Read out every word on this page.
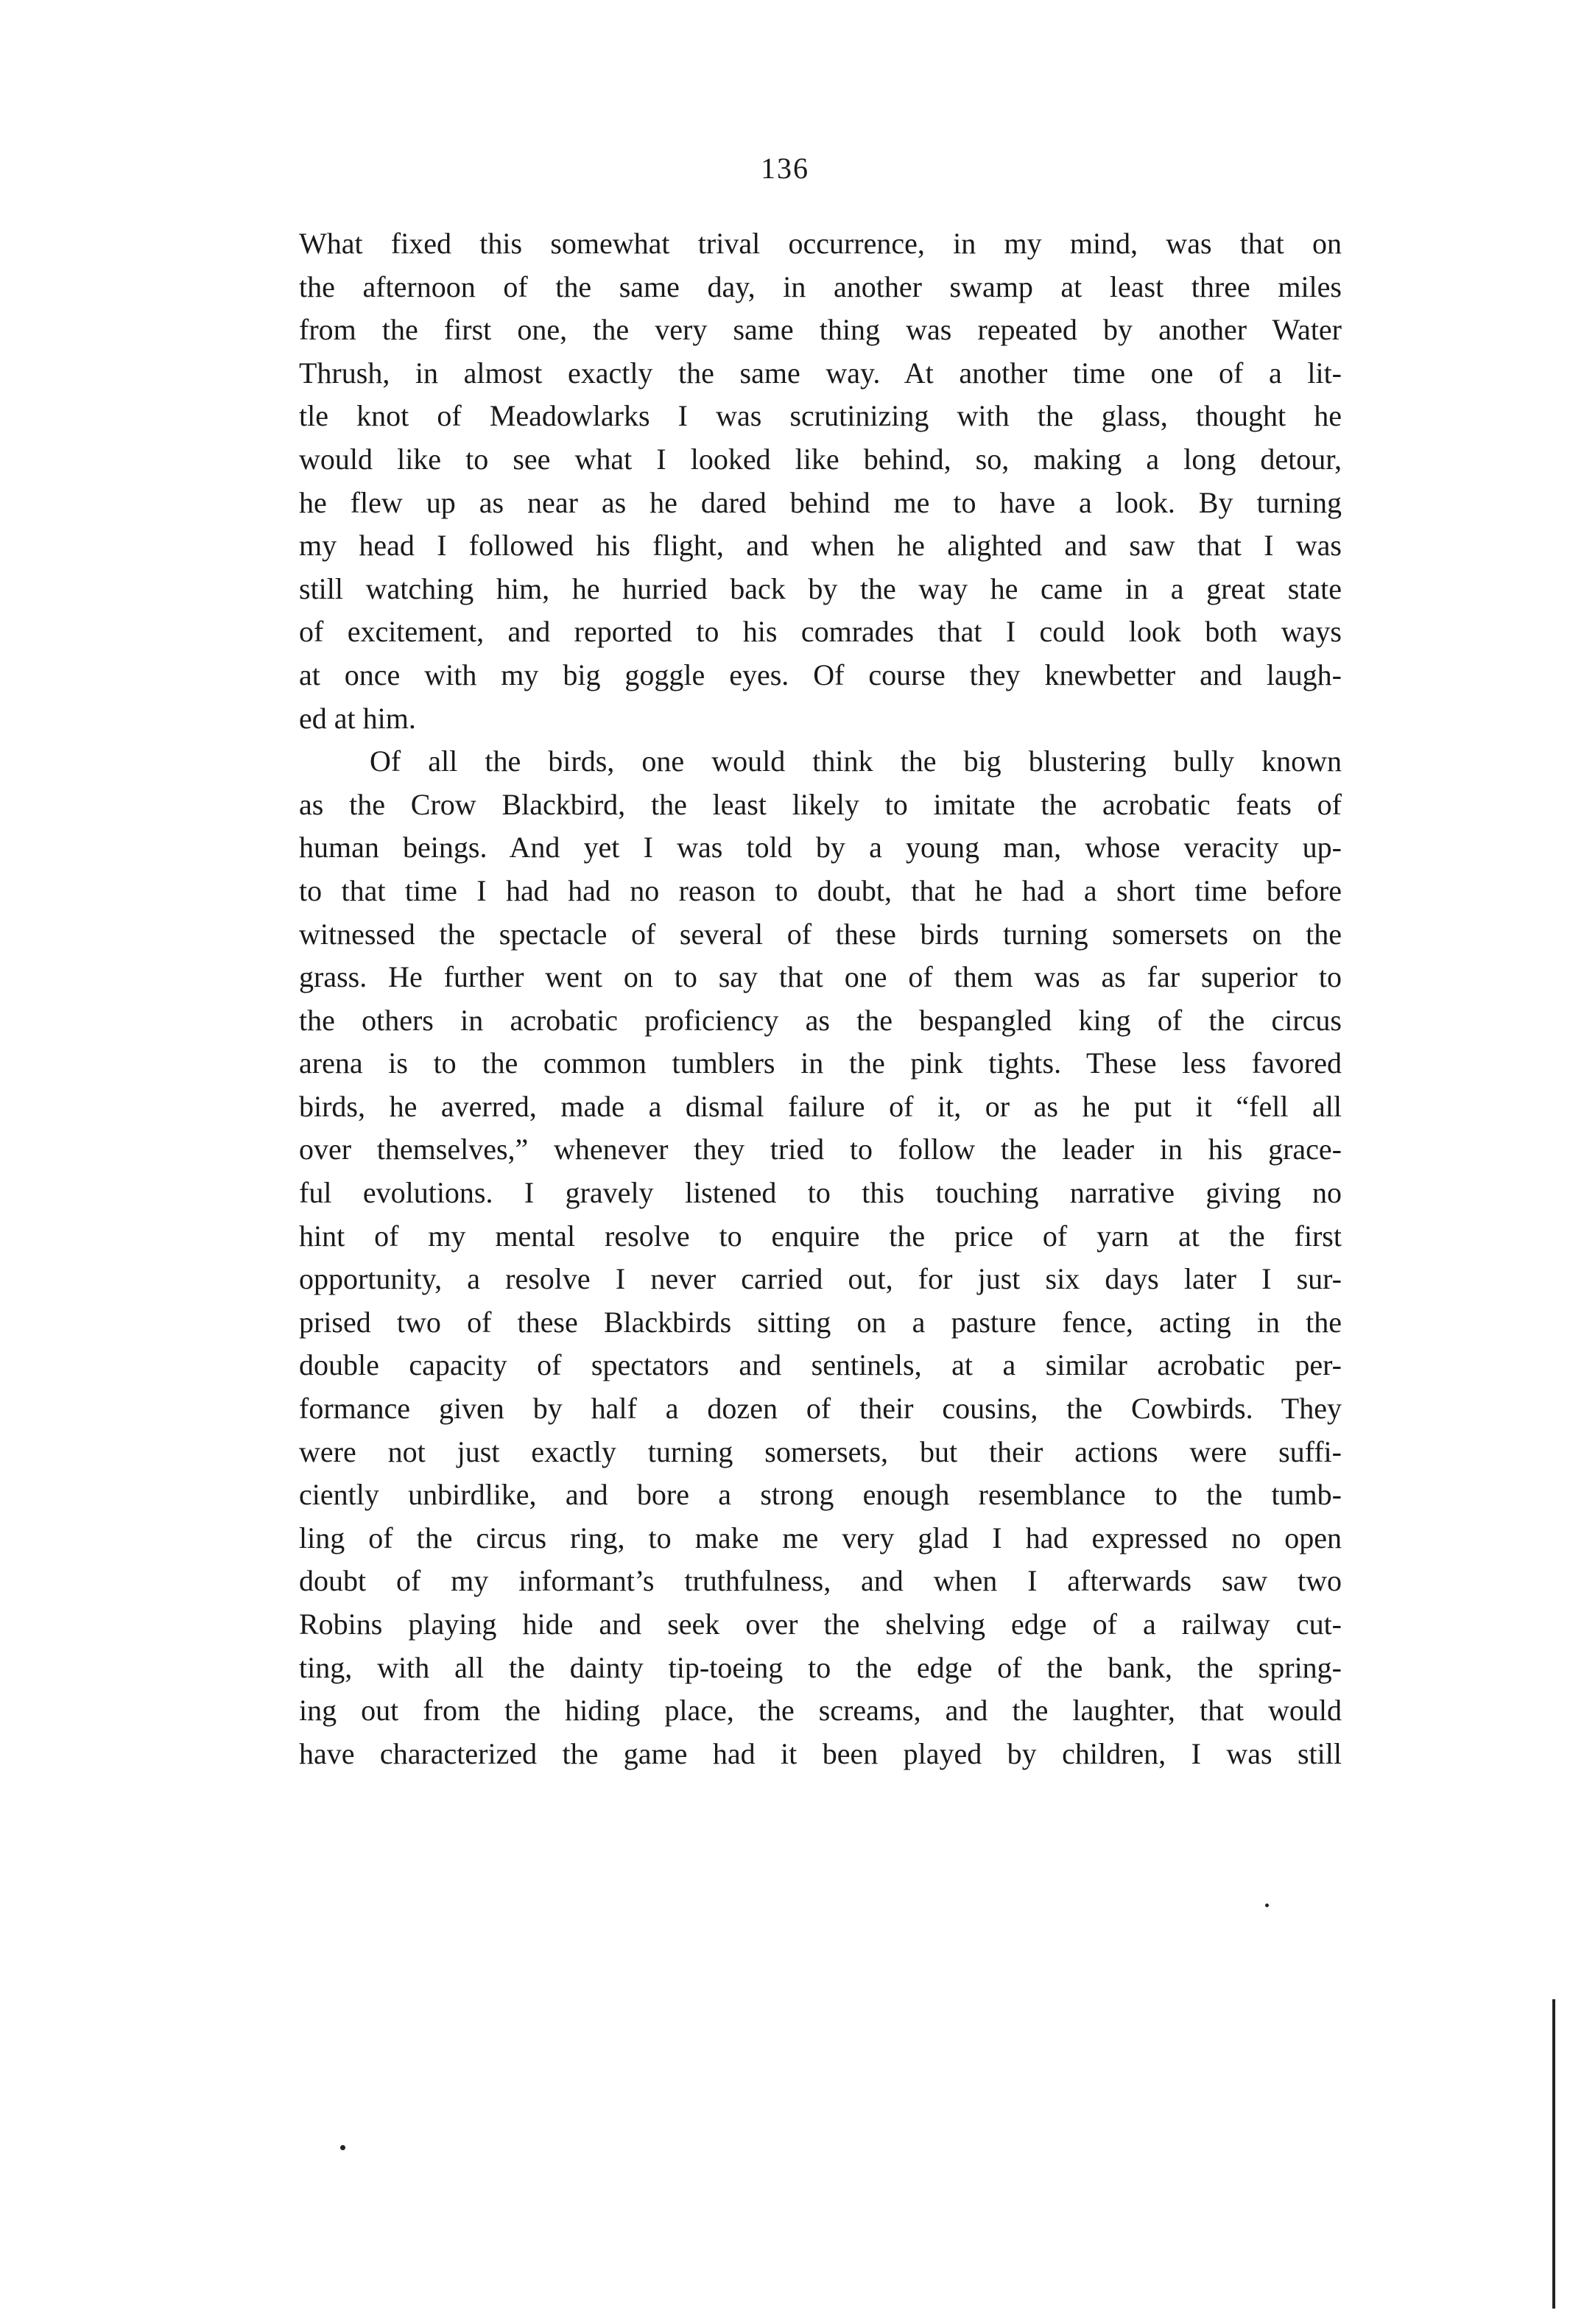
136
What fixed this somewhat trival occurrence, in my mind, was that on
the afternoon of the same day, in another swamp at least three miles
from the first one, the very same thing was repeated by another Water
Thrush, in almost exactly the same way. At another time one of a lit-
tle knot of Meadowlarks I was scrutinizing with the glass, thought he
would like to see what I looked like behind, so, making a long detour,
he flew up as near as he dared behind me to have a look. By turning
my head I followed his flight, and when he alighted and saw that I was
still watching him, he hurried back by the way he came in a great state
of excitement, and reported to his comrades that I could look both ways
at once with my big goggle eyes. Of course they knewbetter and laugh-
ed at him.
Of all the birds, one would think the big blustering bully known
as the Crow Blackbird, the least likely to imitate the acrobatic feats of
human beings. And yet I was told by a young man, whose veracity up-
to that time I had had no reason to doubt, that he had a short time before
witnessed the spectacle of several of these birds turning somersets on the
grass. He further went on to say that one of them was as far superior to
the others in acrobatic proficiency as the bespangled king of the circus
arena is to the common tumblers in the pink tights. These less favored
birds, he averred, made a dismal failure of it, or as he put it “fell all
over themselves,” whenever they tried to follow the leader in his grace-
ful evolutions. I gravely listened to this touching narrative giving no
hint of my mental resolve to enquire the price of yarn at the first
opportunity, a resolve I never carried out, for just six days later I sur-
prised two of these Blackbirds sitting on a pasture fence, acting in the
double capacity of spectators and sentinels, at a similar acrobatic per-
formance given by half a dozen of their cousins, the Cowbirds. They
were not just exactly turning somersets, but their actions were suffi-
ciently unbirdlike, and bore a strong enough resemblance to the tumb-
ling of the circus ring, to make me very glad I had expressed no open
doubt of my informant’s truthfulness, and when I afterwards saw two
Robins playing hide and seek over the shelving edge of a railway cut-
ting, with all the dainty tip-toeing to the edge of the bank, the spring-
ing out from the hiding place, the screams, and the laughter, that would
have characterized the game had it been played by children, I was still
